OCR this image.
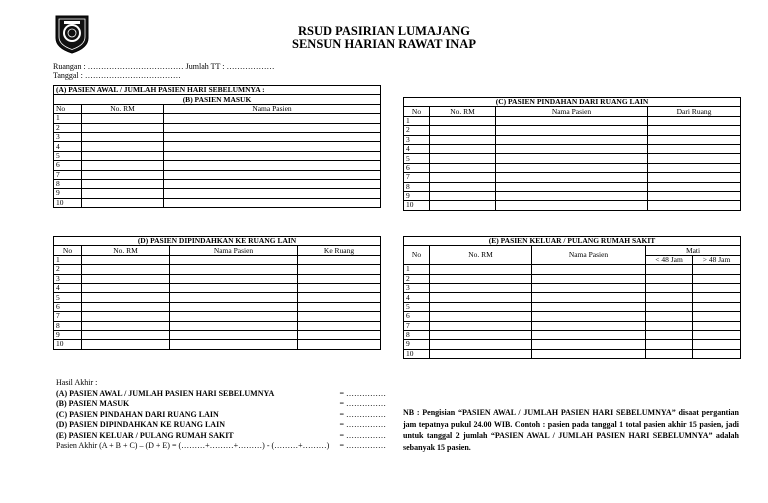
RSUD PASIRIAN LUMAJANG
SENSUN HARIAN RAWAT INAP
Ruangan : ……………………………… Jumlah TT : ………………
Tanggal : ………………………………
(A) PASIEN AWAL / JUMLAH PASIEN HARI SEBELUMNYA :		
(B) PASIEN MASUK		
No	No. RM	Nama Pasien
1		
2		
3		
4		
5		
6		
7		
8		
9		
10		
(C) PASIEN PINDAHAN DARI RUANG LAIN			
No	No. RM	Nama Pasien	Dari Ruang
1			
2			
3			
4			
5			
6			
7			
8			
9			
10			
(D) PASIEN DIPINDAHKAN KE RUANG LAIN			
No	No. RM	Nama Pasien	Ke Ruang
1			
2			
3			
4			
5			
6			
7			
8			
9			
10			
(E) PASIEN KELUAR / PULANG RUMAH SAKIT				
No	No. RM	Nama Pasien	Mati	
			< 48 Jam	> 48 Jam
1				
2				
3				
4				
5				
6				
7				
8				
9				
10				
Hasil Akhir :
(A) PASIEN AWAL / JUMLAH PASIEN HARI SEBELUMNYA	= ……………
(B) PASIEN MASUK	= ……………
(C) PASIEN PINDAHAN DARI RUANG LAIN	= ……………
(D) PASIEN DIPINDAHKAN KE RUANG LAIN	= ……………
(E) PASIEN KELUAR / PULANG RUMAH SAKIT	= ……………
Pasien Akhir (A + B + C) – (D + E) = (………+………+………) - (………+………) = ……………
NB : Pengisian “PASIEN AWAL / JUMLAH PASIEN HARI SEBELUMNYA” disaat pergantian jam tepatnya pukul 24.00 WIB. Contoh : pasien pada tanggal 1 total pasien akhir 15 pasien, jadi untuk tanggal 2 jumlah “PASIEN AWAL / JUMLAH PASIEN HARI SEBELUMNYA” adalah sebanyak 15 pasien.
